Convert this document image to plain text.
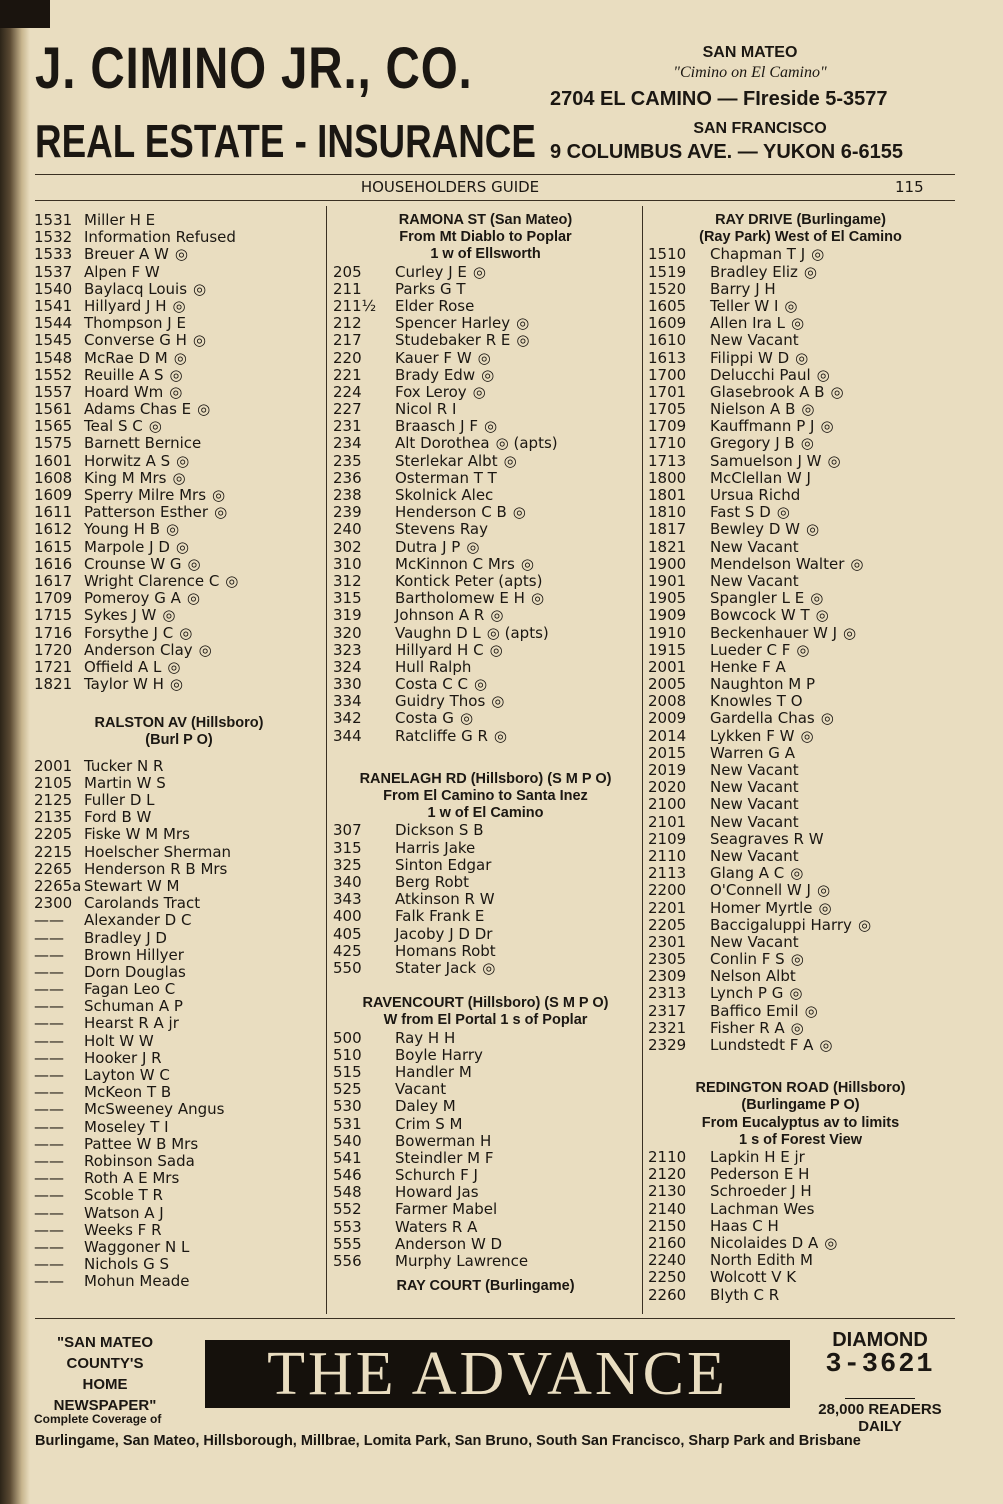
J. CIMINO JR., CO.
REAL ESTATE - INSURANCE
SAN MATEO
"Cimino on El Camino"
2704 EL CAMINO — FIreside 5-3577
SAN FRANCISCO
9 COLUMBUS AVE. — YUKON 6-6155
HOUSEHOLDERS GUIDE	115
1531 Miller H E
1532 Information Refused
1533 Breuer A W ◎
1537 Alpen F W
1540 Baylacq Louis ◎
1541 Hillyard J H ◎
1544 Thompson J E
1545 Converse G H ◎
1548 McRae D M ◎
1552 Reuille A S ◎
1557 Hoard Wm ◎
1561 Adams Chas E ◎
1565 Teal S C ◎
1575 Barnett Bernice
1601 Horwitz A S ◎
1608 King M Mrs ◎
1609 Sperry Milre Mrs ◎
1611 Patterson Esther ◎
1612 Young H B ◎
1615 Marpole J D ◎
1616 Crounse W G ◎
1617 Wright Clarence C ◎
1709 Pomeroy G A ◎
1715 Sykes J W ◎
1716 Forsythe J C ◎
1720 Anderson Clay ◎
1721 Offield A L ◎
1821 Taylor W H ◎
RALSTON AV (Hillsboro)
(Burl P O)
2001 Tucker N R
2105 Martin W S
2125 Fuller D L
2135 Ford B W
2205 Fiske W M Mrs
2215 Hoelscher Sherman
2265 Henderson R B Mrs
2265a Stewart W M
2300 Carolands Tract
——	Alexander D C
——	Bradley J D
——	Brown Hillyer
——	Dorn Douglas
——	Fagan Leo C
——	Schuman A P
——	Hearst R A jr
——	Holt W W
——	Hooker J R
——	Layton W C
——	McKeon T B
——	McSweeney Angus
——	Moseley T I
——	Pattee W B Mrs
——	Robinson Sada
——	Roth A E Mrs
——	Scoble T R
——	Watson A J
——	Weeks F R
——	Waggoner N L
——	Nichols G S
——	Mohun Meade
RAMONA ST (San Mateo)
From Mt Diablo to Poplar
1 w of Ellsworth
205	Curley J E ◎
211	Parks G T
211½	Elder Rose
212	Spencer Harley ◎
217	Studebaker R E ◎
220	Kauer F W ◎
221	Brady Edw ◎
224	Fox Leroy ◎
227	Nicol R I
231	Braasch J F ◎
234	Alt Dorothea ◎ (apts)
235	Sterlekar Albt ◎
236	Osterman T T
238	Skolnick Alec
239	Henderson C B ◎
240	Stevens Ray
302	Dutra J P ◎
310	McKinnon C Mrs ◎
312	Kontick Peter (apts)
315	Bartholomew E H ◎
319	Johnson A R ◎
320	Vaughn D L ◎ (apts)
323	Hillyard H C ◎
324	Hull Ralph
330	Costa C C ◎
334	Guidry Thos ◎
342	Costa G ◎
344	Ratcliffe G R ◎
RANELAGH RD (Hillsboro) (S M P O)
From El Camino to Santa Inez
1 w of El Camino
307	Dickson S B
315	Harris Jake
325	Sinton Edgar
340	Berg Robt
343	Atkinson R W
400	Falk Frank E
405	Jacoby J D Dr
425	Homans Robt
550	Stater Jack ◎
RAVENCOURT (Hillsboro) (S M P O)
W from El Portal 1 s of Poplar
500	Ray H H
510	Boyle Harry
515	Handler M
525	Vacant
530	Daley M
531	Crim S M
540	Bowerman H
541	Steindler M F
546	Schurch F J
548	Howard Jas
552	Farmer Mabel
553	Waters R A
555	Anderson W D
556	Murphy Lawrence
RAY COURT (Burlingame)
RAY DRIVE (Burlingame)
(Ray Park) West of El Camino
1510	Chapman T J ◎
1519	Bradley Eliz ◎
1520	Barry J H
1605	Teller W I ◎
1609	Allen Ira L ◎
1610	New Vacant
1613	Filippi W D ◎
1700	Delucchi Paul ◎
1701	Glasebrook A B ◎
1705	Nielson A B ◎
1709	Kauffmann P J ◎
1710	Gregory J B ◎
1713	Samuelson J W ◎
1800	McClellan W J
1801	Ursua Richd
1810	Fast S D ◎
1817	Bewley D W ◎
1821	New Vacant
1900	Mendelson Walter ◎
1901	New Vacant
1905	Spangler L E ◎
1909	Bowcock W T ◎
1910	Beckenhauer W J ◎
1915	Lueder C F ◎
2001	Henke F A
2005	Naughton M P
2008	Knowles T O
2009	Gardella Chas ◎
2014	Lykken F W ◎
2015	Warren G A
2019	New Vacant
2020	New Vacant
2100	New Vacant
2101	New Vacant
2109	Seagraves R W
2110	New Vacant
2113	Glang A C ◎
2200	O'Connell W J ◎
2201	Homer Myrtle ◎
2205	Baccigaluppi Harry ◎
2301	New Vacant
2305	Conlin F S ◎
2309	Nelson Albt
2313	Lynch P G ◎
2317	Baffico Emil ◎
2321	Fisher R A ◎
2329	Lundstedt F A ◎
REDINGTON ROAD (Hillsboro)
(Burlingame P O)
From Eucalyptus av to limits
1 s of Forest View
2110	Lapkin H E jr
2120	Pederson E H
2130	Schroeder J H
2140	Lachman Wes
2150	Haas C H
2160	Nicolaides D A ◎
2240	North Edith M
2250	Wolcott V K
2260	Blyth C R
"SAN MATEO
COUNTY'S
HOME
NEWSPAPER"
Complete Coverage of
THE ADVANCE	DIAMOND
3-3621
28,000 READERS
DAILY
Burlingame, San Mateo, Hillsborough, Millbrae, Lomita Park, San Bruno, South San Francisco, Sharp Park and Brisbane
